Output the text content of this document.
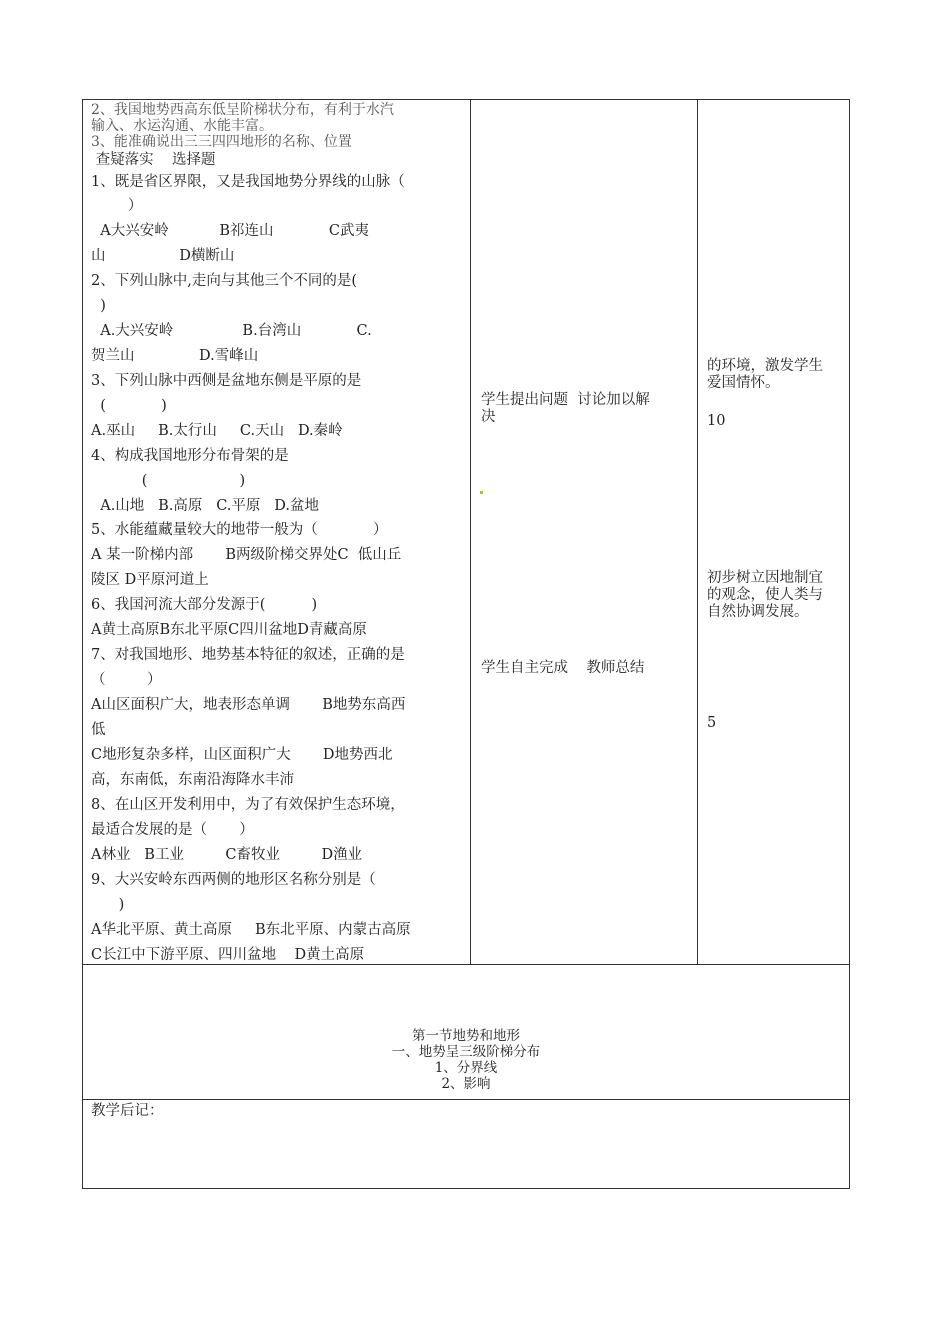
2、我国地势西高东低呈阶梯状分布，有利于水汽
输入、水运沟通、水能丰富。
3、能准确说出三三四四地形的名称、位置
查疑落实    选择题
1、既是省区界限，又是我国地势分界线的山脉（
）
A大兴安岭           B祁连山            C武夷
山                D横断山
2、下列山脉中,走向与其他三个不同的是(
)
A.大兴安岭               B.台湾山            C.
贺兰山              D.雪峰山
3、下列山脉中西侧是盆地东侧是平原的是
(            )
A.巫山     B.太行山     C.天山   D.秦岭
4、构成我国地形分布骨架的是
(                    )
A.山地   B.高原   C.平原   D.盆地
5、水能蕴藏量较大的地带一般为（            ）
A 某一阶梯内部       B两级阶梯交界处C  低山丘
陵区 D平原河道上
6、我国河流大部分发源于(          )
A黄土高原B东北平原C四川盆地D青藏高原
7、对我国地形、地势基本特征的叙述，正确的是
（         ）
A山区面积广大，地表形态单调       B地势东高西
低
C地形复杂多样，山区面积广大       D地势西北
高，东南低，东南沿海降水丰沛
8、在山区开发利用中，为了有效保护生态环境，
最适合发展的是（       ）
A林业   B工业         C畜牧业         D渔业
9、大兴安岭东西两侧的地形区名称分别是（
)
A华北平原、黄土高原     B东北平原、内蒙古高原
C长江中下游平原、四川盆地    D黄土高原
学生提出问题  讨论加以解
决
学生自主完成    教师总结
的环境，激发学生
爱国情怀。
10
初步树立因地制宜
的观念，使人类与
自然协调发展。
5
第一节地势和地形
一、地势呈三级阶梯分布
1、分界线
2、影响
教学后记：
